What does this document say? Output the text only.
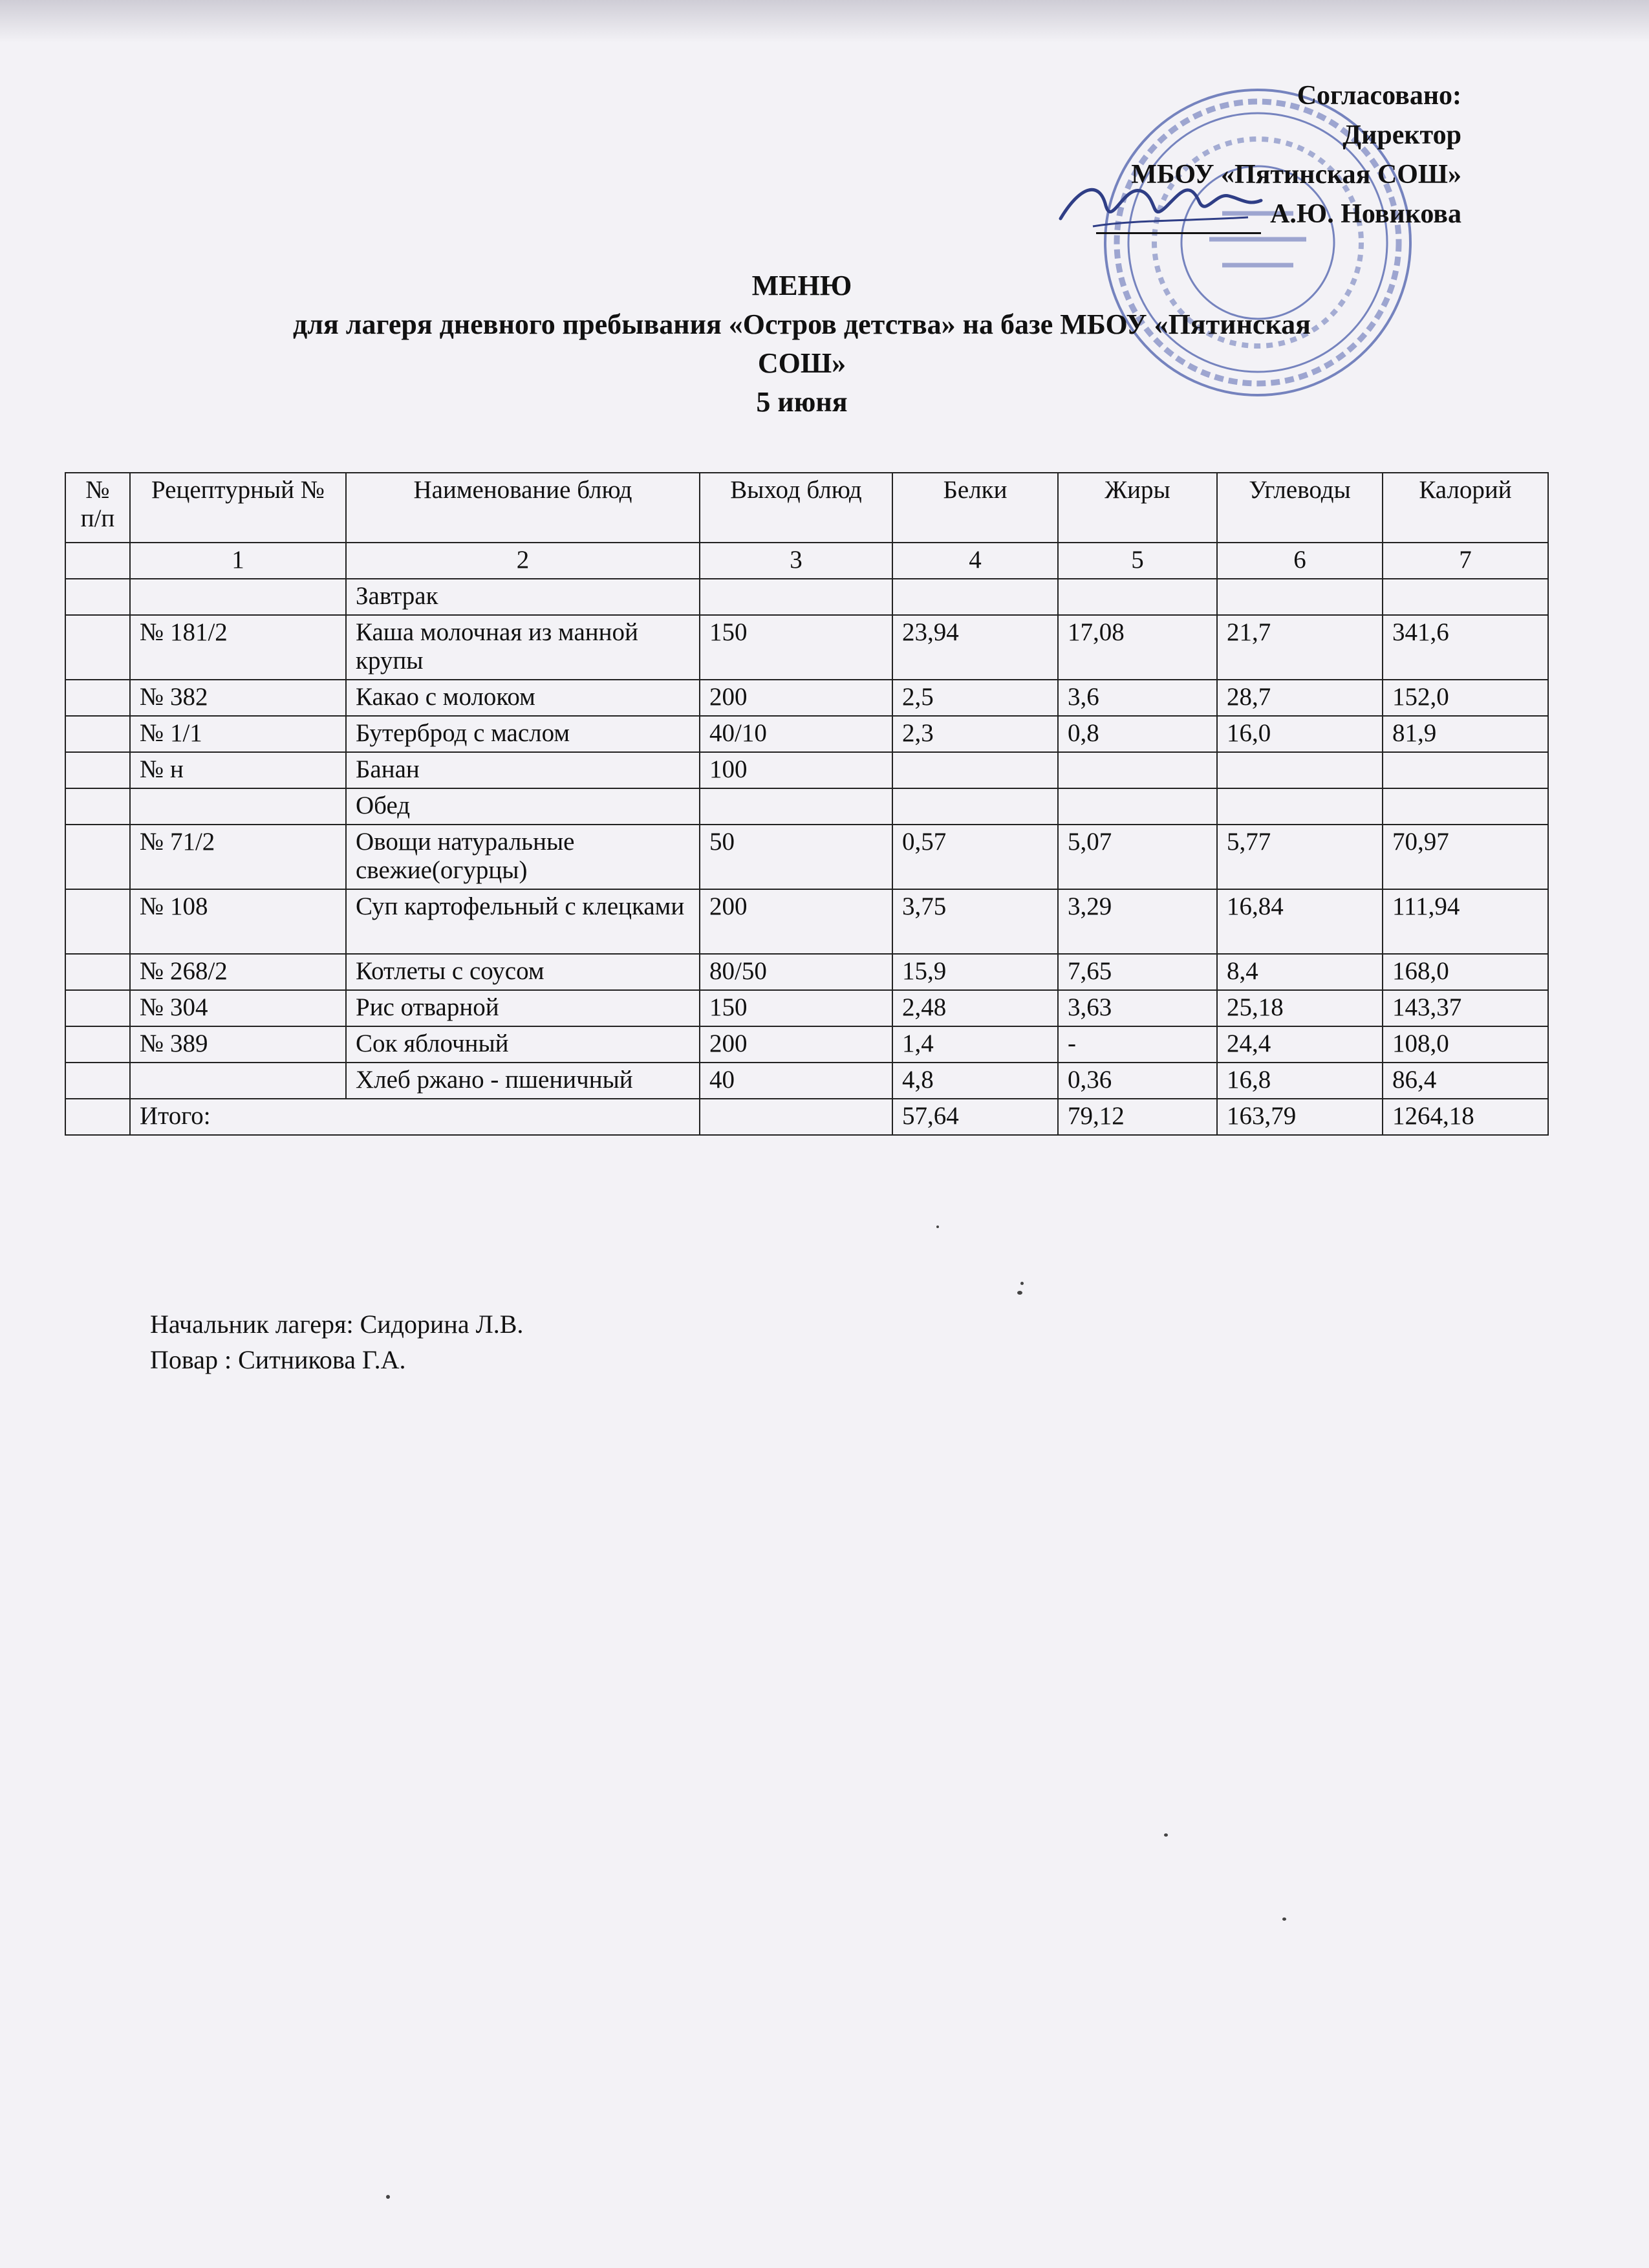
Согласовано:
Директор
МБОУ «Пятинская СОШ»
А.Ю. Новикова
МЕНЮ
для лагеря дневного пребывания «Остров детства» на базе МБОУ «Пятинская
СОШ»
5 июня
№ п/п	Рецептурный №	Наименование блюд	Выход блюд	Белки	Жиры	Углеводы	Калорий
	1	2	3	4	5	6	7
		Завтрак					
	№ 181/2	Каша молочная из манной крупы	150	23,94	17,08	21,7	341,6
	№ 382	Какао с молоком	200	2,5	3,6	28,7	152,0
	№ 1/1	Бутерброд с маслом	40/10	2,3	0,8	16,0	81,9
	№ н	Банан	100				
		Обед					
	№ 71/2	Овощи натуральные свежие(огурцы)	50	0,57	5,07	5,77	70,97
	№ 108	Суп картофельный с клецками	200	3,75	3,29	16,84	111,94
	№ 268/2	Котлеты с соусом	80/50	15,9	7,65	8,4	168,0
	№ 304	Рис отварной	150	2,48	3,63	25,18	143,37
	№ 389	Сок яблочный	200	1,4	-	24,4	108,0
		Хлеб ржано - пшеничный	40	4,8	0,36	16,8	86,4
	Итого:			57,64	79,12	163,79	1264,18
Начальник лагеря: Сидорина Л.В.
Повар : Ситникова Г.А.
